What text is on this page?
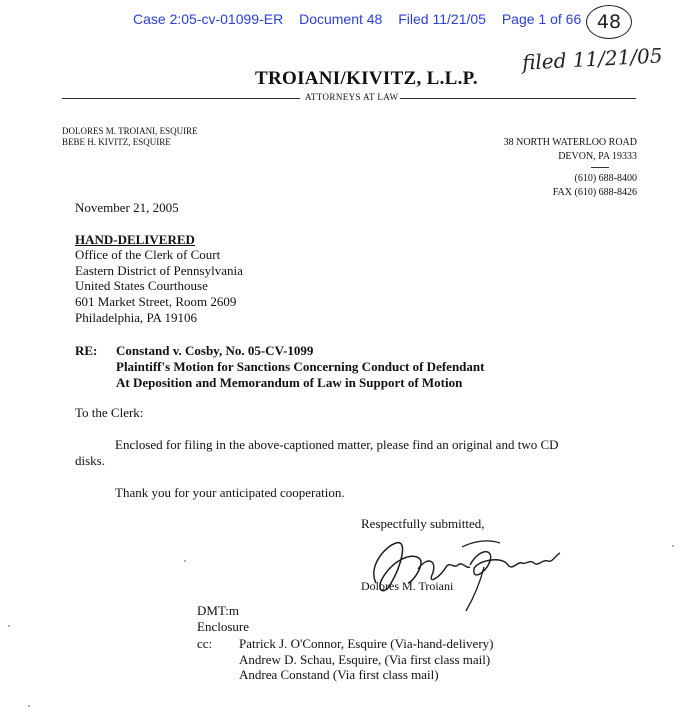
Case 2:05-cv-01099-ER Document 48 Filed 11/21/05 Page 1 of 66 48
filed 11/21/05
TROIANI/KIVITZ, L.L.P.
ATTORNEYS AT LAW
DOLORES M. TROIANI, ESQUIRE
BEBE H. KIVITZ, ESQUIRE	38 NORTH WATERLOO ROAD
DEVON, PA 19333
(610) 688-8400
FAX (610) 688-8426
November 21, 2005
HAND-DELIVERED
Office of the Clerk of Court
Eastern District of Pennsylvania
United States Courthouse
601 Market Street, Room 2609
Philadelphia, PA 19106
RE: Constand v. Cosby, No. 05-CV-1099
Plaintiff's Motion for Sanctions Concerning Conduct of Defendant
At Deposition and Memorandum of Law in Support of Motion
To the Clerk:
Enclosed for filing in the above-captioned matter, please find an original and two CD
disks.
Thank you for your anticipated cooperation.
Respectfully submitted,
Dolores M. Troiani
DMT:m
Enclosure
cc: Patrick J. O'Connor, Esquire (Via-hand-delivery)
Andrew D. Schau, Esquire, (Via first class mail)
Andrea Constand (Via first class mail)
